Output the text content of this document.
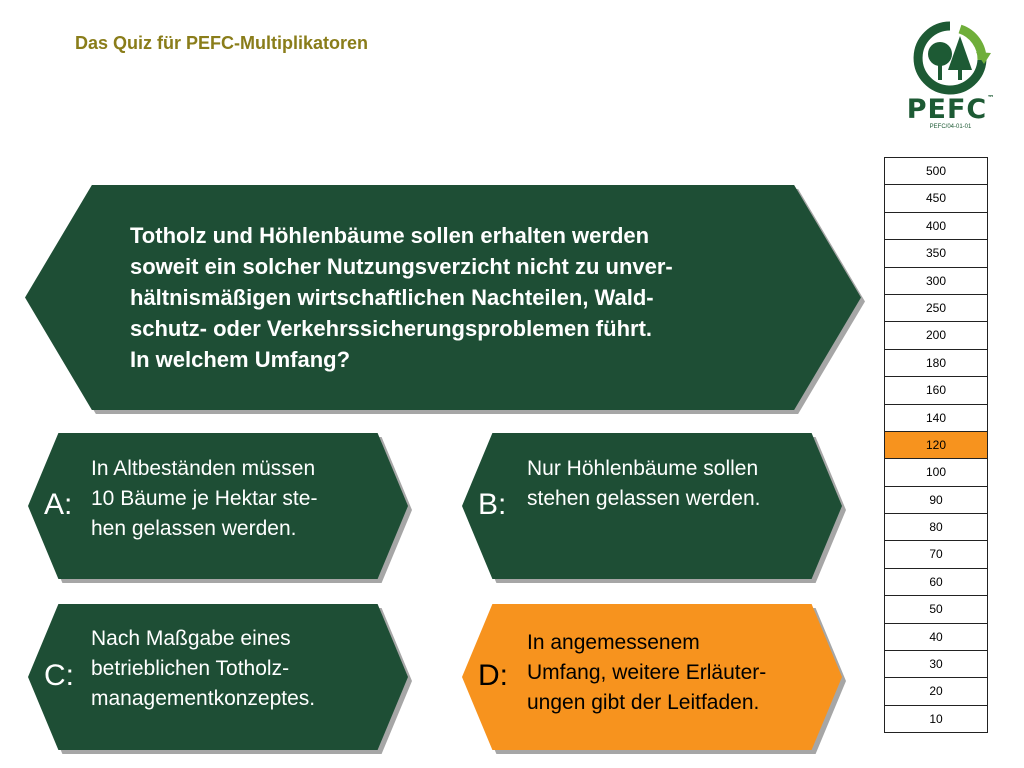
Das Quiz für PEFC-Multiplikatoren
PEFC™
PEFC/04-01-01
Totholz und Höhlenbäume sollen erhalten werden
soweit ein solcher Nutzungsverzicht nicht zu unver-
hältnismäßigen wirtschaftlichen Nachteilen, Wald-
schutz- oder Verkehrssicherungsproblemen führt.
In welchem Umfang?
A:
In Altbeständen müssen
10 Bäume je Hektar ste-
hen gelassen werden.
B:
Nur Höhlenbäume sollen
stehen gelassen werden.
C:
Nach Maßgabe eines
betrieblichen Totholz-
managementkonzeptes.
D:
In angemessenem
Umfang, weitere Erläuter-
ungen gibt der Leitfaden.
500
450
400
350
300
250
200
180
160
140
120
100
90
80
70
60
50
40
30
20
10
